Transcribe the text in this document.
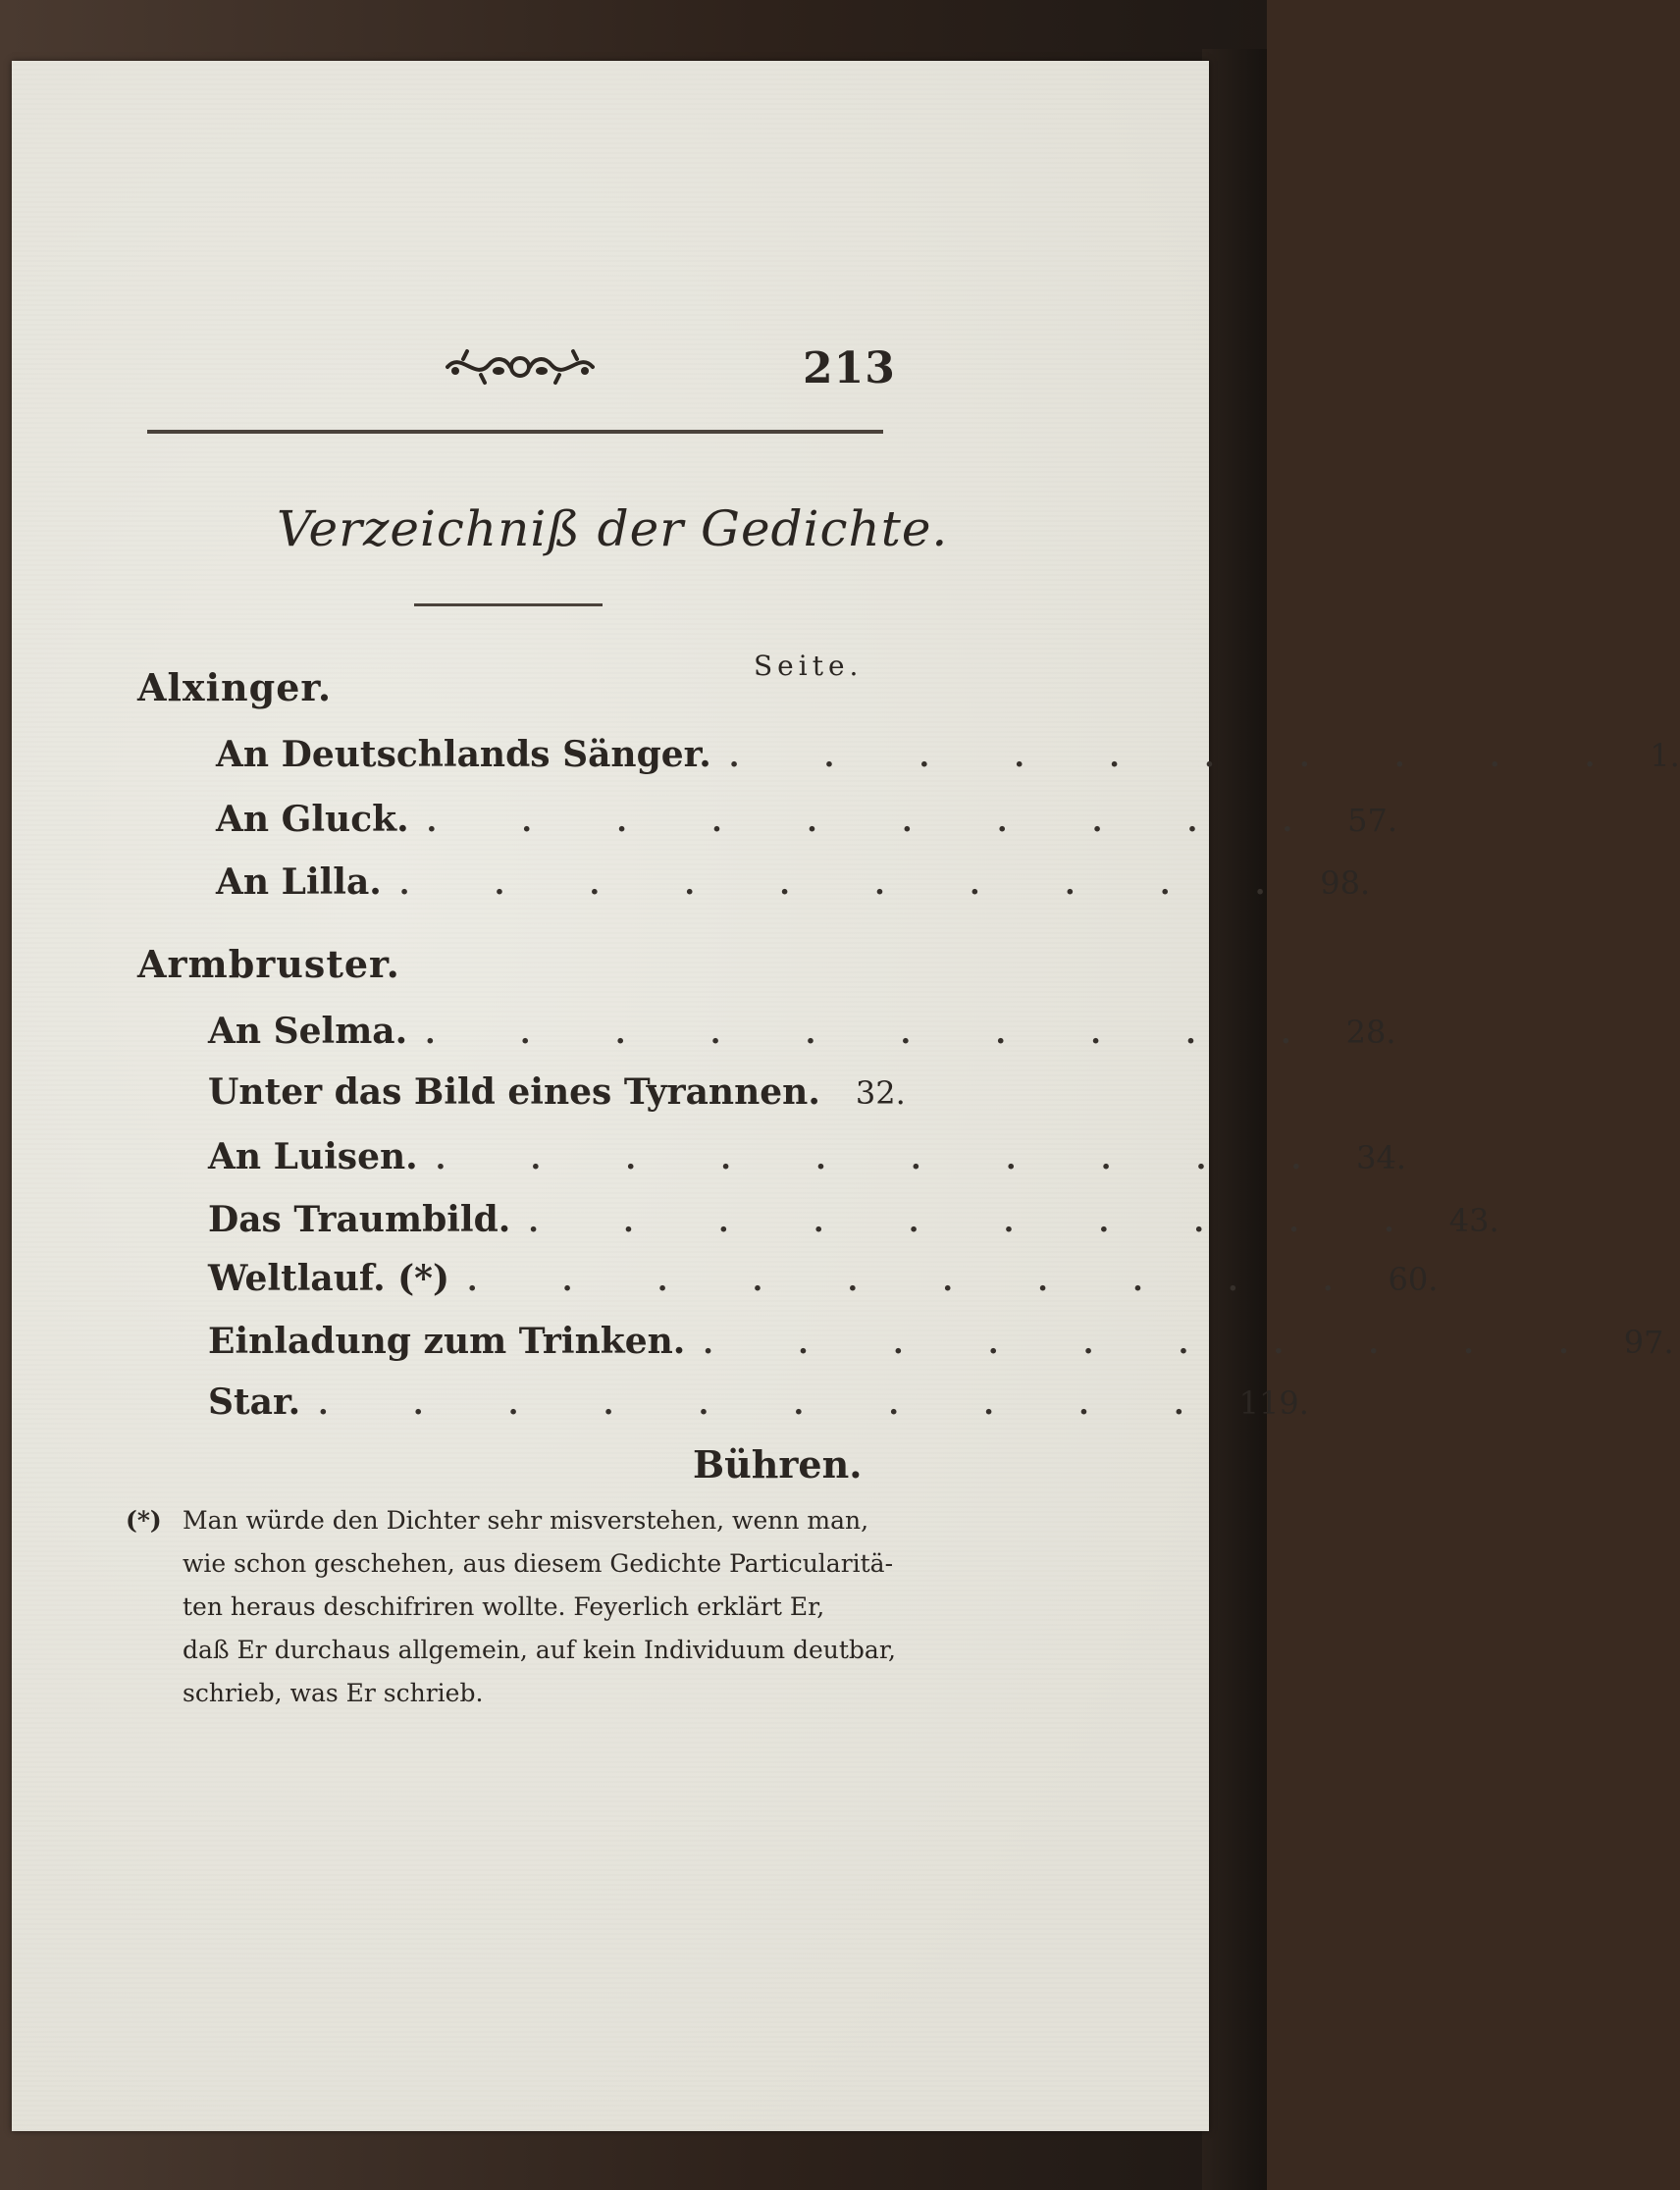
213
Verzeichniß der Gedichte.
Seite.
Alxinger.
An Deutschlands Sänger. . . . . . . . . . . 1.
An Gluck. . . . . . . . . . . 57.
An Lilla. . . . . . . . . . . 98.
Armbruster.
An Selma. . . . . . . . . . . 28.
Unter das Bild eines Tyrannen. 32.
An Luisen. . . . . . . . . . . 34.
Das Traumbild. . . . . . . . . . . 43.
Weltlauf. (*) . . . . . . . . . . 60.
Einladung zum Trinken. . . . . . . . . . . 97.
Star. . . . . . . . . . . 119.
(*) Man würde den Dichter sehr misverstehen, wenn man,
wie schon geschehen, aus diesem Gedichte Particularitä-
ten heraus deschifriren wollte. Feyerlich erklärt Er,
daß Er durchaus allgemein, auf kein Individuum deutbar,
schrieb, was Er schrieb.
